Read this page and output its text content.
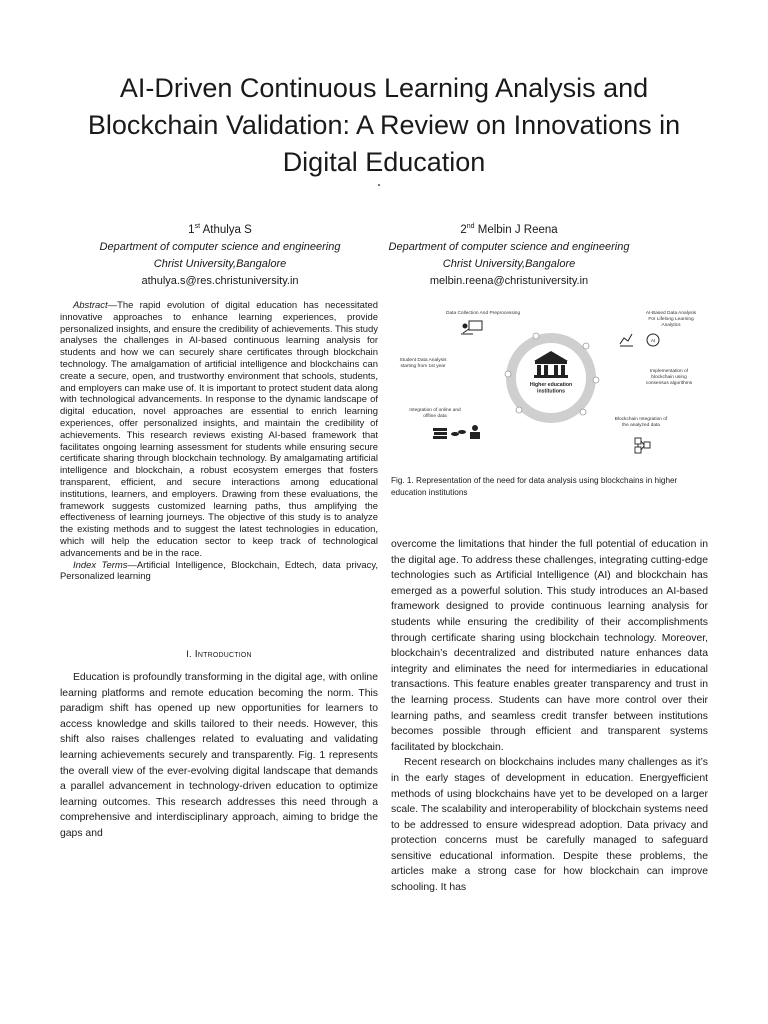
AI-Driven Continuous Learning Analysis and
Blockchain Validation: A Review on Innovations in
Digital Education
1st Athulya S
Department of computer science and engineering
Christ University,Bangalore
athulya.s@res.christuniversity.in
2nd Melbin J Reena
Department of computer science and engineering
Christ University,Bangalore
melbin.reena@christuniversity.in

Abstract—The rapid evolution of digital education has necessitated innovative approaches to enhance learning experiences, provide personalized insights, and ensure the credibility of achievements. This study analyses the challenges in AI-based continuous learning analysis for students and how we can securely share certificates through blockchain technology. The amalgamation of artificial intelligence and blockchains can create a secure, open, and trustworthy environment that schools, students, and employers can make use of. It is important to protect student data along with technological advancements. In response to the dynamic landscape of digital education, novel approaches are essential to enrich learning experiences, offer personalized insights, and maintain the credibility of achievements. This research reviews existing AI-based framework that facilitates ongoing learning assessment for students while ensuring secure certificate sharing through blockchain technology. By amalgamating artificial intelligence and blockchain, a robust ecosystem emerges that fosters transparent, efficient, and secure interactions among educational institutions, learners, and employers. Drawing from these evaluations, the framework suggests customized learning paths, thus amplifying the effectiveness of learning journeys. The objective of this study is to analyze the existing methods and to suggest the latest technologies in education, which will help the education sector to keep track of technological advancements and be in the race.

Index Terms—Artificial Intelligence, Blockchain, Edtech, data privacy, Personalized learning

I. Introduction

Education is profoundly transforming in the digital age, with online learning platforms and remote education becoming the norm. This paradigm shift has opened up new opportunities for learners to access knowledge and skills tailored to their needs. However, this shift also raises challenges related to evaluating and validating learning achievements securely and transparently. Fig. 1 represents the overall view of the ever-evolving digital landscape that demands a parallel advancement in technology-driven education to optimize learning outcomes. This research addresses this need through a comprehensive and interdisciplinary approach, aiming to bridge the gaps and

Higher education
institutions
Data Collection And Preprocessing	AI-Based Data Analysis
For Lifelong Learning
Analytics
Student Data Analysis
starting from 1st year
Implementation of
blockchain using
consensus algorithms
Integration of online and
offline data
Blockchain Integration of
the analyzed data
AI
Fig. 1. Representation of the need for data analysis using blockchains in higher education institutions

overcome the limitations that hinder the full potential of education in the digital age. To address these challenges, integrating cutting-edge technologies such as Artificial Intelligence (AI) and blockchain has emerged as a powerful solution. This study introduces an AI-based framework designed to provide continuous learning analysis for students while ensuring the credibility of their accomplishments through certificate sharing using blockchain technology. Moreover, blockchain’s decentralized and distributed nature enhances data integrity and eliminates the need for intermediaries in educational transactions. This feature enables greater transparency and trust in the learning process. Students can have more control over their learning paths, and seamless credit transfer between institutions becomes possible through efficient and transparent systems facilitated by blockchain.

Recent research on blockchains includes many challenges as it’s in the early stages of development in education. Energyefficient methods of using blockchains have yet to be developed on a larger scale. The scalability and interoperability of blockchain systems need to be addressed to ensure widespread adoption. Data privacy and protection concerns must be carefully managed to safeguard sensitive educational information. Despite these problems, the articles make a strong case for how blockchain can improve schooling. It has
